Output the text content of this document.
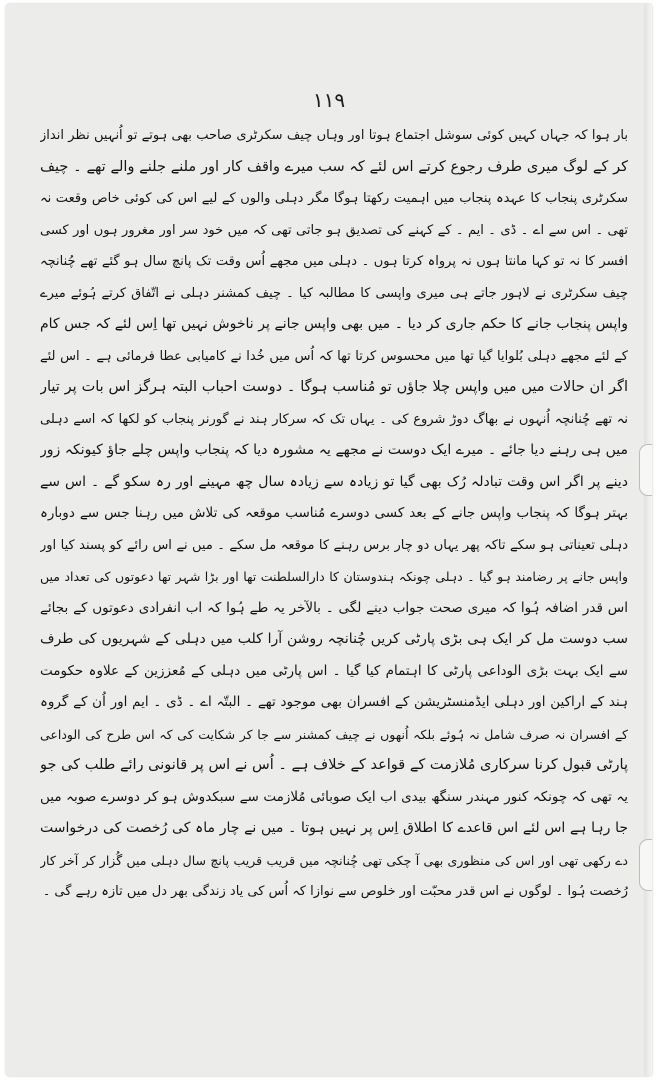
١١٩
بار ہوا کہ جہاں کہیں کوئی سوشل اجتماع ہوتا اور وہاں چیف سکرٹری صاحب بھی ہوتے تو اُنہیں نظر انداز
کر کے لوگ میری طرف رجوع کرتے اس لئے کہ سب میرے واقف کار اور ملنے جلنے والے تھے ۔ چیف
سکرٹری پنجاب کا عہدہ پنجاب میں اہمیت رکھتا ہوگا مگر دہلی والوں کے لیے اس کی کوئی خاص وقعت نہ
تھی ۔ اس سے اے ۔ ڈی ۔ ایم ۔ کے کہنے کی تصدیق ہو جاتی تھی کہ میں خود سر اور مغرور ہوں اور کسی
افسر کا نہ تو کہا مانتا ہوں نہ پرواہ کرتا ہوں ۔ دہلی میں مجھے اُس وقت تک پانچ سال ہو گئے تھے چُنانچہ
چیف سکرٹری نے لاہور جاتے ہی میری واپسی کا مطالبہ کیا ۔ چیف کمشنر دہلی نے اتّفاق کرتے ہُوئے میرے
واپس پنجاب جانے کا حکم جاری کر دیا ۔ میں بھی واپس جانے پر ناخوش نہیں تھا اِس لئے کہ جس کام
کے لئے مجھے دہلی بُلوایا گیا تھا میں محسوس کرتا تھا کہ اُس میں خُدا نے کامیابی عطا فرمائی ہے ۔ اس لئے
اگر ان حالات میں میں واپس چلا جاؤں تو مُناسب ہوگا ۔ دوست احباب البتہ ہرگز اس بات پر تیار
نہ تھے چُنانچہ اُنہوں نے بھاگ دوڑ شروع کی ۔ یہاں تک کہ سرکار ہند نے گورنر پنجاب کو لکھا کہ اسے دہلی
میں ہی رہنے دیا جائے ۔ میرے ایک دوست نے مجھے یہ مشورہ دیا کہ پنجاب واپس چلے جاؤ کیونکہ زور
دینے پر اگر اس وقت تبادلہ رُک بھی گیا تو زیادہ سے زیادہ سال چھ مہینے اور رہ سکو گے ۔ اس سے
بہتر ہوگا کہ پنجاب واپس جانے کے بعد کسی دوسرے مُناسب موقعہ کی تلاش میں رہنا جس سے دوبارہ
دہلی تعیناتی ہو سکے تاکہ پھر یہاں دو چار برس رہنے کا موقعہ مل سکے ۔ میں نے اس رائے کو پسند کیا اور
واپس جانے پر رضامند ہو گیا ۔ دہلی چونکہ ہندوستان کا دارالسلطنت تھا اور بڑا شہر تھا دعوتوں کی تعداد میں
اس قدر اضافہ ہُوا کہ میری صحت جواب دینے لگی ۔ بالآخر یہ طے ہُوا کہ اب انفرادی دعوتوں کے بجائے
سب دوست مل کر ایک ہی بڑی پارٹی کریں چُنانچہ روشن آرا کلب میں دہلی کے شہریوں کی طرف
سے ایک بہت بڑی الوداعی پارٹی کا اہتمام کیا گیا ۔ اس پارٹی میں دہلی کے مُعززین کے علاوہ حکومت
ہند کے اراکین اور دہلی ایڈمنسٹریشن کے افسران بھی موجود تھے ۔ البتّہ اے ۔ ڈی ۔ ایم اور اُن کے گروہ
کے افسران نہ صرف شامل نہ ہُوئے بلکہ اُنھوں نے چیف کمشنر سے جا کر شکایت کی کہ اس طرح کی الوداعی
پارٹی قبول کرنا سرکاری مُلازمت کے قواعد کے خلاف ہے ۔ اُس نے اس پر قانونی رائے طلب کی جو
یہ تھی کہ چونکہ کنور مہندر سنگھ بیدی اب ایک صوبائی مُلازمت سے سبکدوش ہو کر دوسرے صوبہ میں
جا رہا ہے اس لئے اس قاعدے کا اطلاق اِس پر نہیں ہوتا ۔ میں نے چار ماہ کی رُخصت کی درخواست
دے رکھی تھی اور اس کی منظوری بھی آ چکی تھی چُنانچہ میں قریب قریب پانچ سال دہلی میں گُزار کر آخر کار
رُخصت ہُوا ۔ لوگوں نے اس قدر محبّت اور خلوص سے نوازا کہ اُس کی یاد زندگی بھر دل میں تازہ رہے گی ۔
